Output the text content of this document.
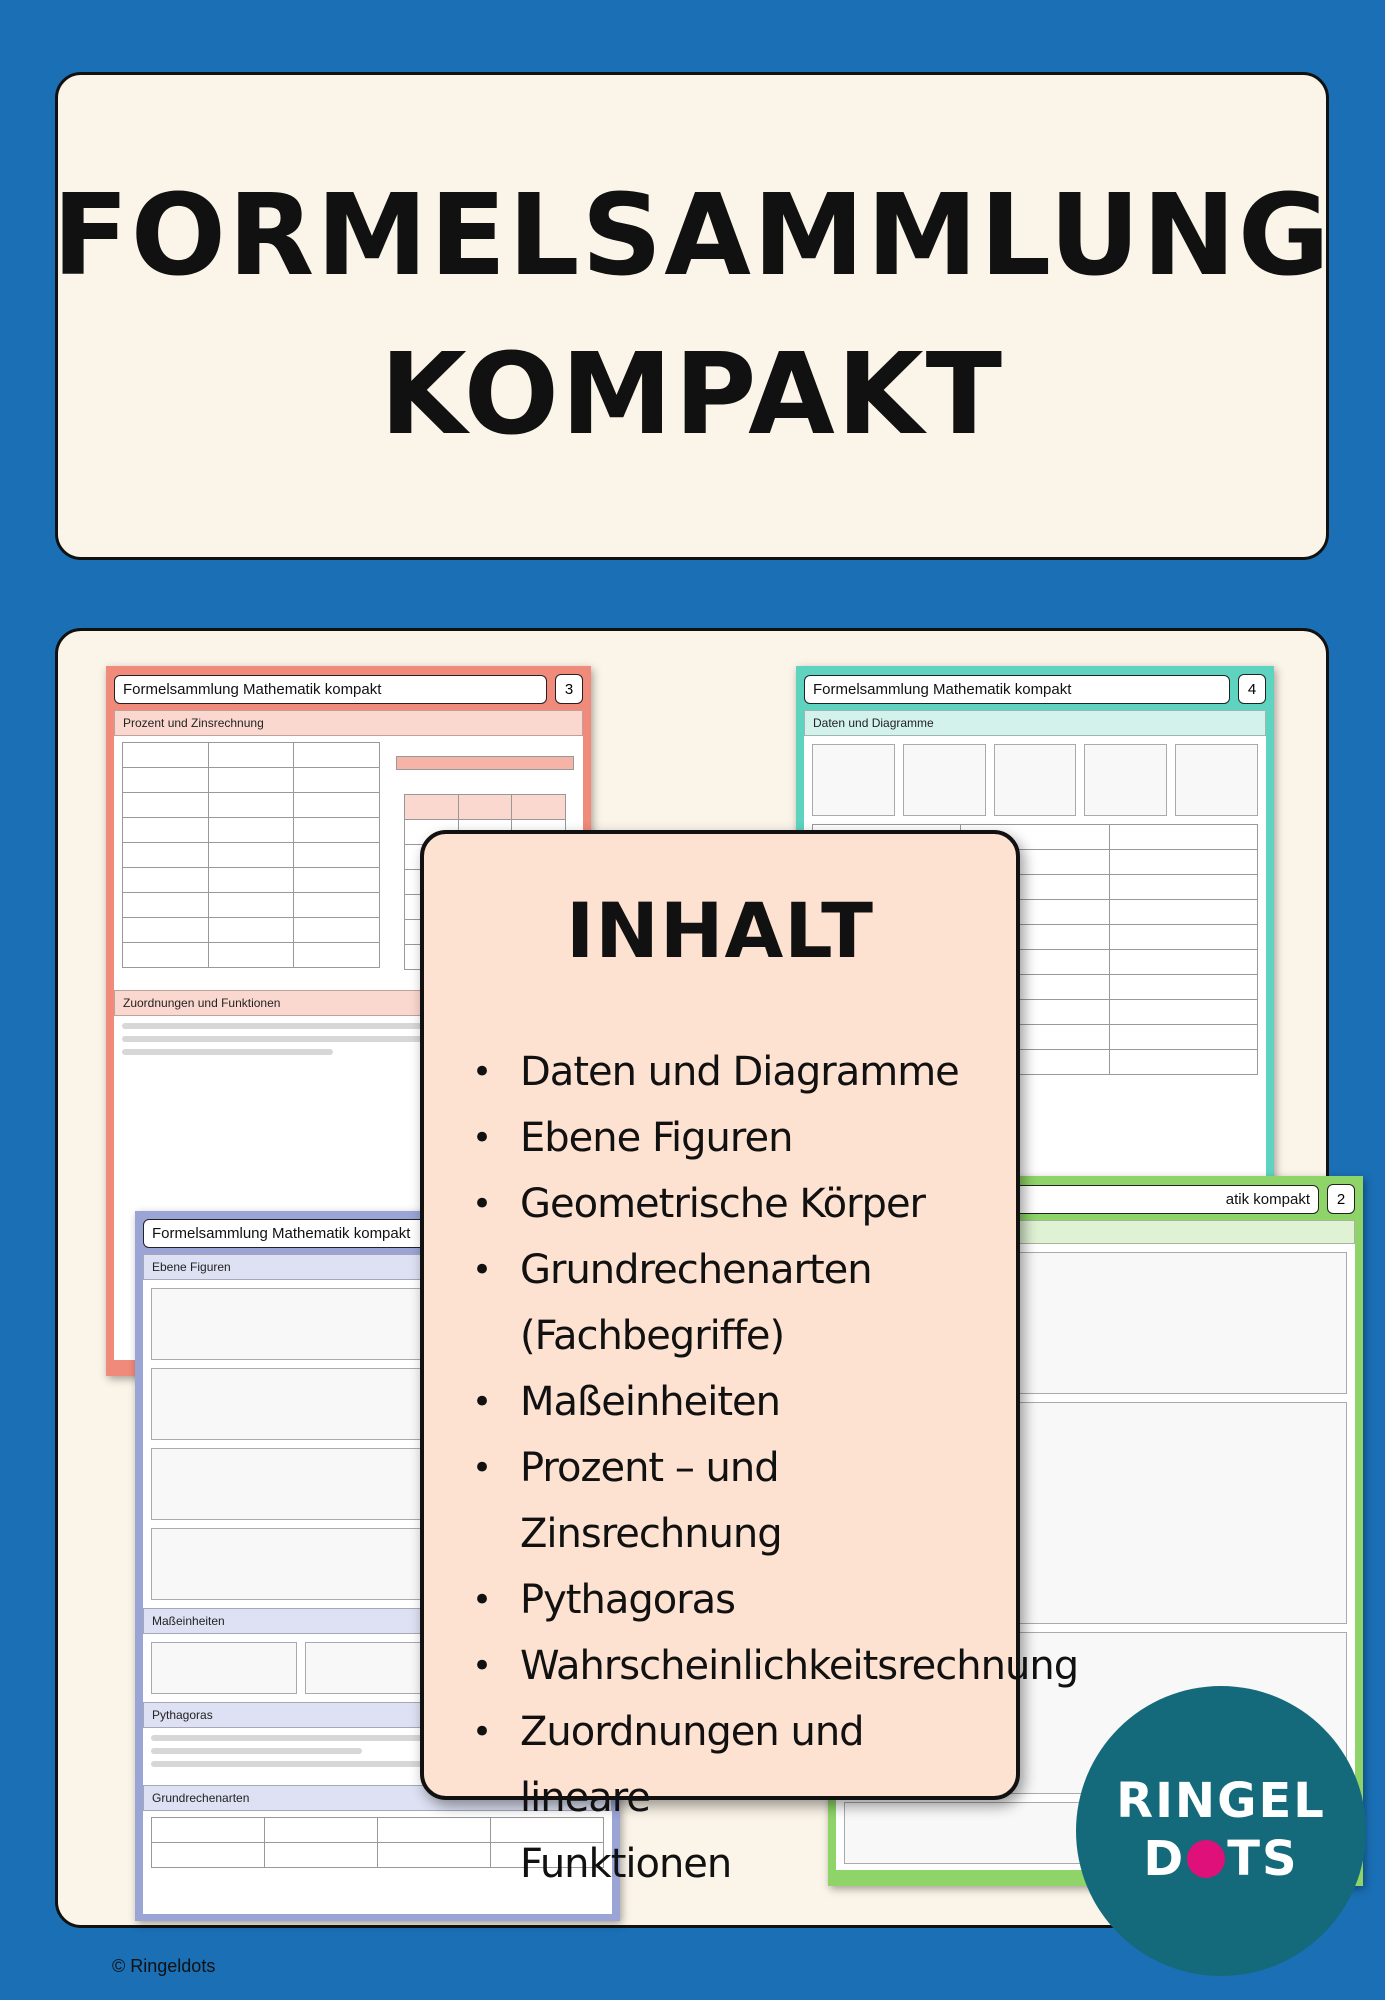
FORMELSAMMLUNG
KOMPAKT
Formelsammlung Mathematik kompakt	3
Prozent und Zinsrechnung

Zuordnungen und Funktionen
Formelsammlung Mathematik kompakt	4
Daten und Diagramme

atik kompakt	2
Formelsammlung Mathematik kompakt
Ebene Figuren
Maßeinheiten
Pythagoras
Grundrechenarten

INHALT
• Daten und Diagramme
• Ebene Figuren
• Geometrische Körper
• Grundrechenarten
(Fachbegriffe)
• Maßeinheiten
• Prozent – und Zinsrechnung
• Pythagoras
• Wahrscheinlichkeitsrechnung
• Zuordnungen und lineare
Funktionen
RINGEL
D TS
© Ringeldots
